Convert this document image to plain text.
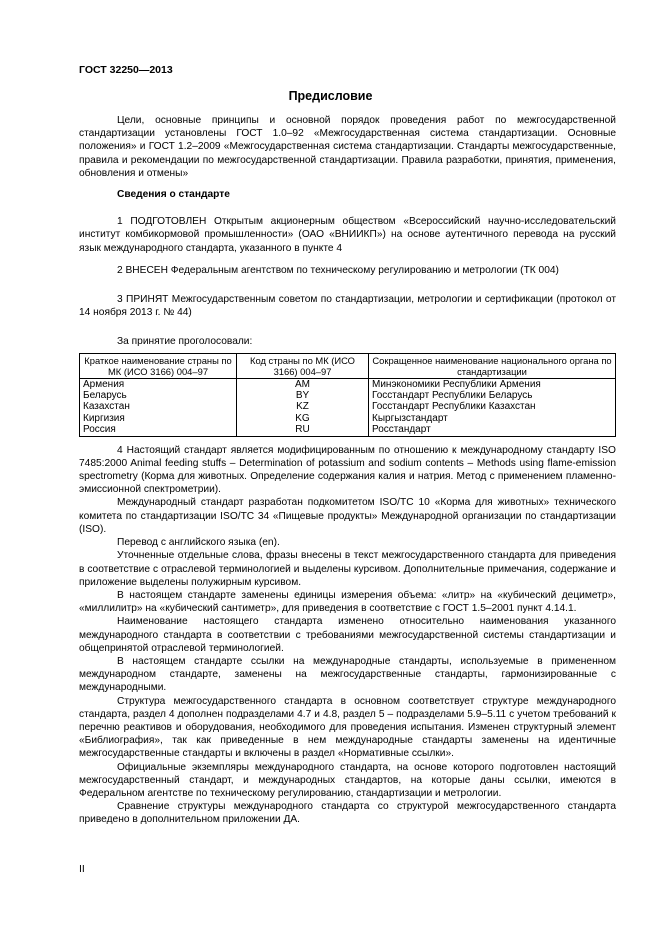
ГОСТ 32250—2013
Предисловие

Цели, основные принципы и основной порядок проведения работ по межгосударственной стандартизации установлены ГОСТ 1.0–92 «Межгосударственная система стандартизации. Основные положения» и ГОСТ 1.2–2009 «Межгосударственная система стандартизации. Стандарты межгосударственные, правила и рекомендации по межгосударственной стандартизации. Правила разработки, принятия, применения, обновления и отмены»

Сведения о стандарте

1 ПОДГОТОВЛЕН Открытым акционерным обществом «Всероссийский научно-исследовательский институт комбикормовой промышленности» (ОАО «ВНИИКП») на основе аутентичного перевода на русский язык международного стандарта, указанного в пункте 4

2 ВНЕСЕН Федеральным агентством по техническому регулированию и метрологии (ТК 004)

3 ПРИНЯТ Межгосударственным советом по стандартизации, метрологии и сертификации (протокол от 14 ноября 2013 г. № 44)

За принятие проголосовали:

Краткое наименование страны по МК (ИСО 3166) 004–97	Код страны по МК (ИСО 3166) 004–97	Сокращенное наименование национального органа по стандартизации
Армения	AM	Минэкономики Республики Армения
Беларусь	BY	Госстандарт Республики Беларусь
Казахстан	KZ	Госстандарт Республики Казахстан
Киргизия	KG	Кыргызстандарт
Россия	RU	Росстандарт

4 Настоящий стандарт является модифицированным по отношению к международному стандарту ISO 7485:2000 Animal feeding stuffs – Determination of potassium and sodium contents – Methods using flame-emission spectrometry (Корма для животных. Определение содержания калия и натрия. Метод с применением пламенно-эмиссионной спектрометрии).

Международный стандарт разработан подкомитетом ISO/TC 10 «Корма для животных» технического комитета по стандартизации ISO/TC 34 «Пищевые продукты» Международной организации по стандартизации (ISO).

Перевод с английского языка (en).

Уточненные отдельные слова, фразы внесены в текст межгосударственного стандарта для приведения в соответствие с отраслевой терминологией и выделены курсивом. Дополнительные примечания, содержание и приложение выделены полужирным курсивом.

В настоящем стандарте заменены единицы измерения объема: «литр» на «кубический дециметр», «миллилитр» на «кубический сантиметр», для приведения в соответствие с ГОСТ 1.5–2001 пункт 4.14.1.

Наименование настоящего стандарта изменено относительно наименования указанного международного стандарта в соответствии с требованиями межгосударственной системы стандартизации и общепринятой отраслевой терминологией.

В настоящем стандарте ссылки на международные стандарты, используемые в примененном международном стандарте, заменены на межгосударственные стандарты, гармонизированные с международными.

Структура межгосударственного стандарта в основном соответствует структуре международного стандарта, раздел 4 дополнен подразделами 4.7 и 4.8, раздел 5 – подразделами 5.9–5.11 с учетом требований к перечню реактивов и оборудования, необходимого для проведения испытания. Изменен структурный элемент «Библиография», так как приведенные в нем международные стандарты заменены на идентичные межгосударственные стандарты и включены в раздел «Нормативные ссылки».

Официальные экземпляры международного стандарта, на основе которого подготовлен настоящий межгосударственный стандарт, и международных стандартов, на которые даны ссылки, имеются в Федеральном агентстве по техническому регулированию, стандартизации и метрологии.

Сравнение структуры международного стандарта со структурой межгосударственного стандарта приведено в дополнительном приложении ДА.

II
